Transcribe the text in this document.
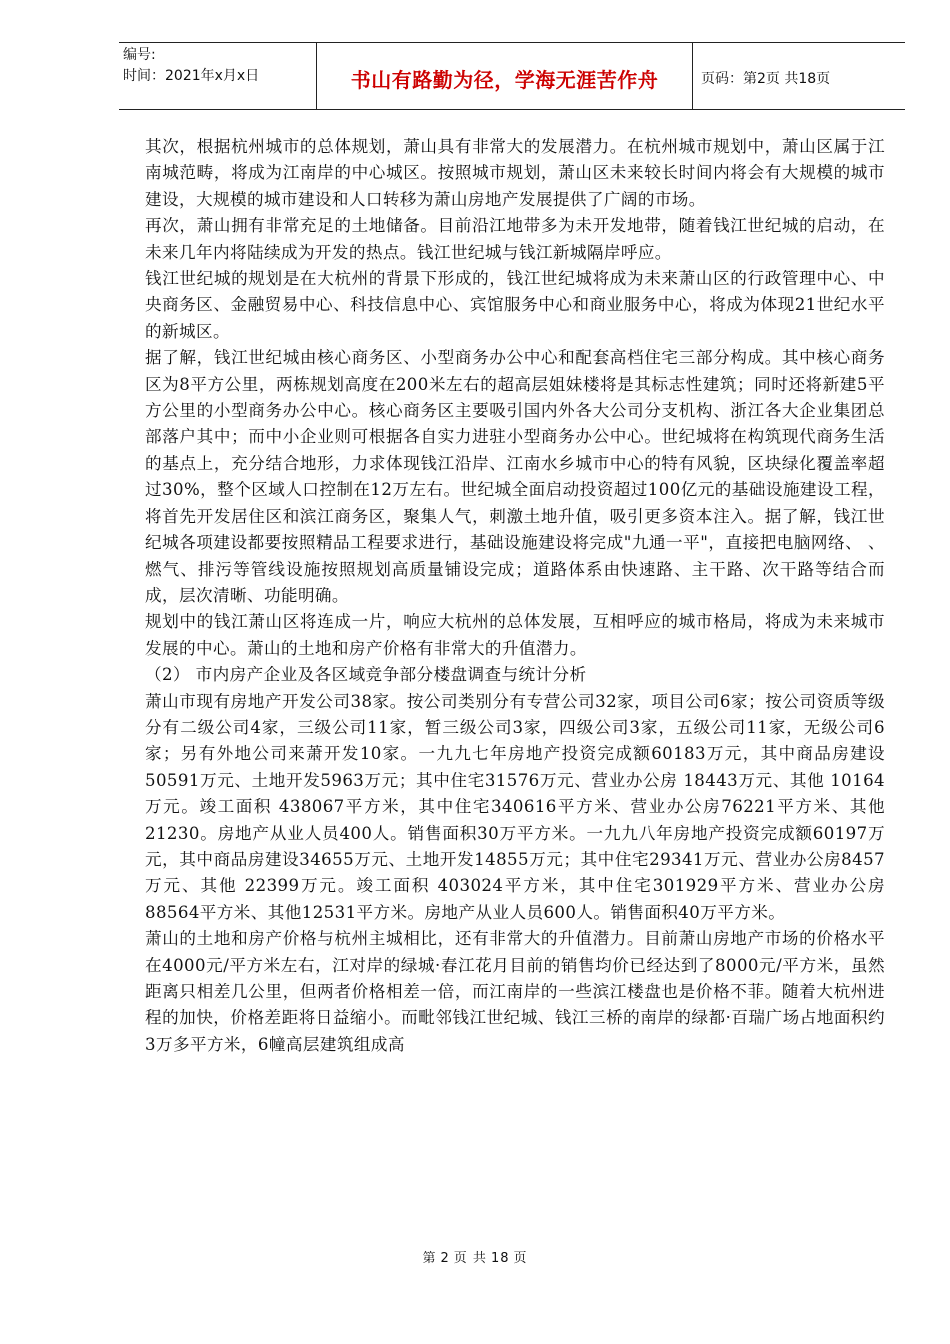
编号:
时间：2021年x月x日	书山有路勤为径，学海无涯苦作舟	页码：第2页 共18页

其次，根据杭州城市的总体规划，萧山具有非常大的发展潜力。在杭州城市规划中，萧山区属于江南城范畴，将成为江南岸的中心城区。按照城市规划，萧山区未来较长时间内将会有大规模的城市建设，大规模的城市建设和人口转移为萧山房地产发展提供了广阔的市场。

再次，萧山拥有非常充足的土地储备。目前沿江地带多为未开发地带，随着钱江世纪城的启动，在未来几年内将陆续成为开发的热点。钱江世纪城与钱江新城隔岸呼应。

钱江世纪城的规划是在大杭州的背景下形成的，钱江世纪城将成为未来萧山区的行政管理中心、中央商务区、金融贸易中心、科技信息中心、宾馆服务中心和商业服务中心，将成为体现21世纪水平的新城区。

据了解，钱江世纪城由核心商务区、小型商务办公中心和配套高档住宅三部分构成。其中核心商务区为8平方公里，两栋规划高度在200米左右的超高层姐妹楼将是其标志性建筑；同时还将新建5平方公里的小型商务办公中心。核心商务区主要吸引国内外各大公司分支机构、浙江各大企业集团总部落户其中；而中小企业则可根据各自实力进驻小型商务办公中心。世纪城将在构筑现代商务生活的基点上，充分结合地形，力求体现钱江沿岸、江南水乡城市中心的特有风貌，区块绿化覆盖率超过30%，整个区域人口控制在12万左右。世纪城全面启动投资超过100亿元的基础设施建设工程，将首先开发居住区和滨江商务区，聚集人气，刺激土地升值，吸引更多资本注入。据了解，钱江世纪城各项建设都要按照精品工程要求进行，基础设施建设将完成"九通一平"，直接把电脑网络、 、燃气、排污等管线设施按照规划高质量铺设完成；道路体系由快速路、主干路、次干路等结合而成，层次清晰、功能明确。

规划中的钱江萧山区将连成一片，响应大杭州的总体发展，互相呼应的城市格局，将成为未来城市发展的中心。萧山的土地和房产价格有非常大的升值潜力。

（2） 市内房产企业及各区域竞争部分楼盘调查与统计分析

萧山市现有房地产开发公司38家。按公司类别分有专营公司32家，项目公司6家；按公司资质等级分有二级公司4家，三级公司11家，暂三级公司3家，四级公司3家，五级公司11家，无级公司6家；另有外地公司来萧开发10家。一九九七年房地产投资完成额60183万元，其中商品房建设50591万元、土地开发5963万元；其中住宅31576万元、营业办公房 18443万元、其他 10164万元。竣工面积 438067平方米，其中住宅340616平方米、营业办公房76221平方米、其他21230。房地产从业人员400人。销售面积30万平方米。一九九八年房地产投资完成额60197万元，其中商品房建设34655万元、土地开发14855万元；其中住宅29341万元、营业办公房8457万元、其他 22399万元。竣工面积 403024平方米，其中住宅301929平方米、营业办公房88564平方米、其他12531平方米。房地产从业人员600人。销售面积40万平方米。

萧山的土地和房产价格与杭州主城相比，还有非常大的升值潜力。目前萧山房地产市场的价格水平在4000元/平方米左右，江对岸的绿城·春江花月目前的销售均价已经达到了8000元/平方米，虽然距离只相差几公里，但两者价格相差一倍，而江南岸的一些滨江楼盘也是价格不菲。随着大杭州进程的加快，价格差距将日益缩小。而毗邻钱江世纪城、钱江三桥的南岸的绿都·百瑞广场占地面积约3万多平方米，6幢高层建筑组成高

第 2 页 共 18 页
